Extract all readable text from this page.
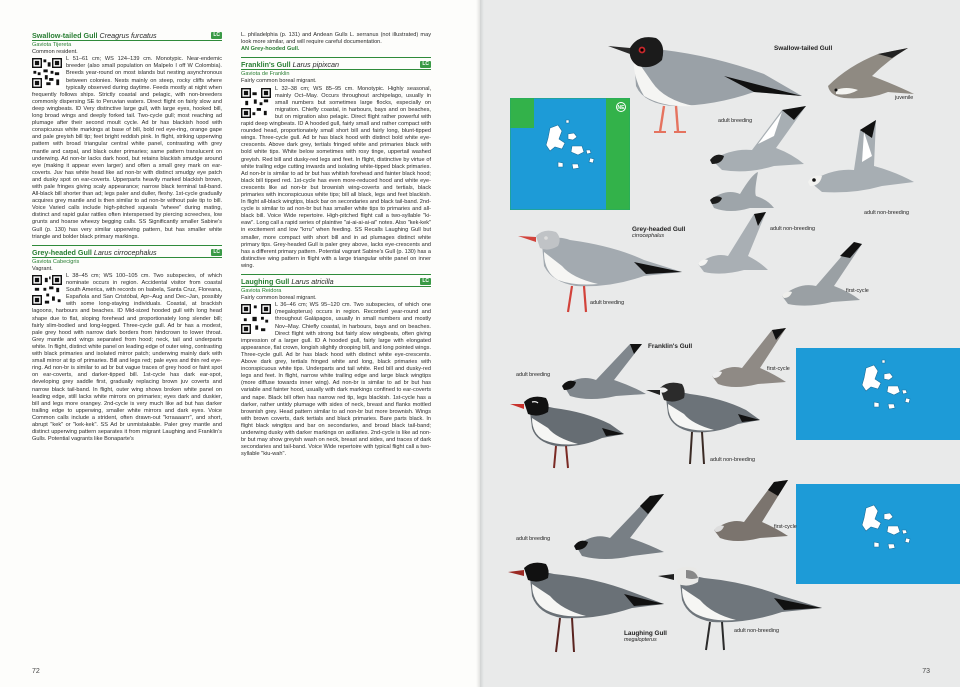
Swallow-tailed Gull Creagrus furcatus	LC
Gaviota Tijereta
Common resident.
L 51–61 cm; WS 124–139 cm. Monotypic. Near-endemic breeder (also small population on Malpelo I off W Colombia). Breeds year-round on most islands but nesting asynchronous between colonies. Nests mainly on steep, rocky cliffs where typically observed during daytime. Feeds mostly at night when frequently follows ships. Strictly coastal and pelagic, with non-breeders commonly dispersing SE to Peruvian waters. Direct flight on fairly slow and deep wingbeats. ID Very distinctive large gull, with large eyes, hooked bill, long broad wings and deeply forked tail. Two-cycle gull; most reaching ad plumage after their second moult cycle. Ad br has blackish hood with conspicuous white markings at base of bill, bold red eye-ring, orange gape and pale greyish bill tip; feet bright reddish pink. In flight, striking upperwing pattern with broad triangular central white panel, contrasting with grey mantle and carpal, and black outer primaries; same pattern translucent on underwing. Ad non-br lacks dark hood, but retains blackish smudge around eye (making it appear even larger) and often a small grey mark on ear-coverts. Juv has white head like ad non-br with distinct smudgy eye patch and dusky spot on ear-coverts. Upperparts heavily marked blackish brown, with pale fringes giving scaly appearance; narrow black terminal tail-band. All-black bill shorter than ad; legs paler and duller, fleshy. 1st-cycle gradually acquires grey mantle and is then similar to ad non-br without pale tip to bill. Voice Varied calls include high-pitched squeals "wheee" during mating, distinct and rapid gular rattles often interspersed by piercing screeches, low grunts and hoarse wheezy begging calls. SS Significantly smaller Sabine's Gull (p. 130) has very similar upperwing pattern, but has smaller white triangle and bolder black primary markings.
Grey-headed Gull Larus cirrocephalus	LC
Gaviota Cabecigris
Vagrant.
L 38–45 cm; WS 100–105 cm. Two subspecies, of which nominate occurs in region. Accidental visitor from coastal South America, with records on Isabela, Santa Cruz, Floreana, Española and San Cristóbal, Apr–Aug and Dec–Jan, possibly with some long-staying individuals. Coastal, at brackish lagoons, harbours and beaches. ID Mid-sized hooded gull with long head shape due to flat, sloping forehead and proportionately long slender bill; fairly slim-bodied and long-legged. Three-cycle gull. Ad br has a modest, pale grey hood with narrow dark borders from hindcrown to lower throat. Grey mantle and wings separated from hood; neck, tail and underparts white. In flight, distinct white panel on leading edge of outer wing, contrasting with black primaries and isolated mirror patch; underwing mainly dark with small mirror at tip of primaries. Bill and legs red; pale eyes and thin red eye-ring. Ad non-br is similar to ad br but vague traces of grey hood or faint spot on ear-coverts, and darker-tipped bill. 1st-cycle has dark ear-spot, developing grey saddle first, gradually replacing brown juv coverts and narrow black tail-band. In flight, outer wing shows broken white panel on leading edge, still lacks white mirrors on primaries; eyes dark and duskier, bill and legs more orangey. 2nd-cycle is very much like ad but has darker trailing edge to upperwing, smaller white mirrors and dark eyes. Voice Common calls include a strident, often drawn-out "krraaaarrr", and short, abrupt "kek" or "kek-kek". SS Ad br unmistakable. Paler grey mantle and distinct upperwing pattern separates it from migrant Laughing and Franklin's Gulls. Potential vagrants like Bonaparte's
L. philadelphia (p. 131) and Andean Gulls L. serranus (not illustrated) may look more similar, and will require careful documentation.
AN Grey-hooded Gull.
Franklin's Gull Larus pipixcan	LC
Gaviota de Franklin
Fairly common boreal migrant.
L 32–38 cm; WS 85–95 cm. Monotypic. Highly seasonal, mainly Oct–May. Occurs throughout archipelago, usually in small numbers but sometimes large flocks, especially on migration. Chiefly coastal, in harbours, bays and on beaches, but on migration also pelagic. Direct flight rather powerful with rapid deep wingbeats. ID A hooded gull, fairly small and rather compact with rounded head, proportionately small short bill and fairly long, blunt-tipped wings. Three-cycle gull. Ad br has black hood with distinct bold white eye-crescents. Above dark grey, tertials fringed white and primaries black with bold white tips. White below sometimes with rosy tinge, uppertail washed greyish. Red bill and dusky-red legs and feet. In flight, distinctive by virtue of white trailing edge cutting inwards and isolating white-tipped black primaries. Ad non-br is similar to ad br but has whitish forehead and fainter black hood; black bill tipped red. 1st-cycle has even more-reduced hood and white eye-crescents like ad non-br but brownish wing-coverts and tertials, black primaries with inconspicuous white tips; bill all black, legs and feet blackish. In flight all-black wingtips, black bar on secondaries and black tail-band. 2nd-cycle is similar to ad non-br but has smaller white tips to primaries and all-black bill. Voice Wide repertoire. High-pitched flight call a two-syllable "ki-eaw". Long call a rapid series of plaintive "ai-ai-ai-ai-ai" notes. Also "kek-kek" in excitement and low "krru" when feeding. SS Recalls Laughing Gull but smaller, more compact with short bill and in ad plumages distinct white primary tips. Grey-headed Gull is paler grey above, lacks eye-crescents and has a different primary pattern. Potential vagrant Sabine's Gull (p. 130) has a distinctive wing pattern in flight with a large triangular white panel on inner wing.
Laughing Gull Larus atricilla	LC
Gaviota Reidora
Fairly common boreal migrant.
L 36–46 cm; WS 95–120 cm. Two subspecies, of which one (megalopterus) occurs in region. Recorded year-round and throughout Galápagos, usually in small numbers and mostly Nov–May. Chiefly coastal, in harbours, bays and on beaches. Direct flight with strong but fairly slow wingbeats, often giving impression of a larger gull. ID A hooded gull, fairly large with elongated appearance, flat crown, longish slightly drooping bill, and long pointed wings. Three-cycle gull. Ad br has black hood with distinct white eye-crescents. Above dark grey, tertials fringed white and long, black primaries with inconspicuous white tips. Underparts and tail white. Red bill and dusky-red legs and feet. In flight, narrow white trailing edge and large black wingtips (more diffuse towards inner wing). Ad non-br is similar to ad br but has variable and fainter hood, usually with dark markings confined to ear-coverts and nape. Black bill often has narrow red tip, legs blackish. 1st-cycle has a darker, rather untidy plumage with sides of neck, breast and flanks mottled brownish grey. Head pattern similar to ad non-br but more brownish. Wings with brown coverts, dark tertials and black primaries. Bare parts black. In flight black wingtips and bar on secondaries, and broad black tail-band; underwing dusky with darker markings on axillaries. 2nd-cycle is like ad non-br but may show greyish wash on neck, breast and sides, and traces of dark secondaries and tail-band. Voice Wide repertoire with typical flight call a two-syllable "kiu-wah".
72
NE
Swallow-tailed Gull
adult breeding
juvenile
adult non-breeding
Grey-headed Gull
cirrocephalus
adult breeding
adult non-breeding
first-cycle
Franklin's Gull
adult breeding
first-cycle
adult non-breeding
adult breeding
first-cycle
adult non-breeding
Laughing Gull
megalopterus
73
